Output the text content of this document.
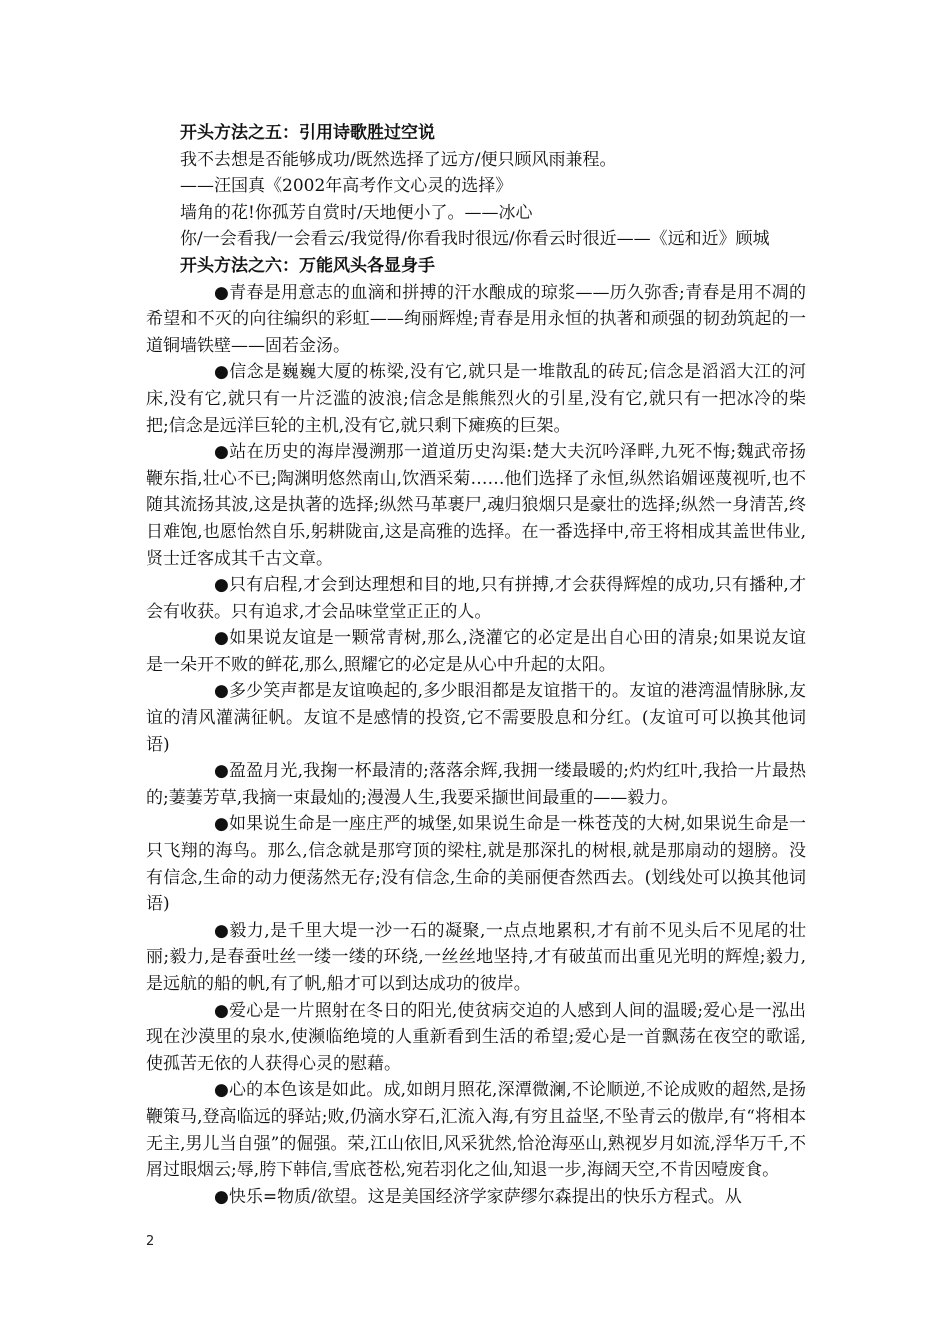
开头方法之五：引用诗歌胜过空说

我不去想是否能够成功/既然选择了远方/便只顾风雨兼程。

——汪国真《2002年高考作文心灵的选择》

墙角的花!你孤芳自赏时/天地便小了。——冰心

你/一会看我/一会看云/我觉得/你看我时很远/你看云时很近——《远和近》顾城

开头方法之六：万能风头各显身手

●青春是用意志的血滴和拼搏的汗水酿成的琼浆——历久弥香;青春是用不凋的希望和不灭的向往编织的彩虹——绚丽辉煌;青春是用永恒的执著和顽强的韧劲筑起的一道铜墙铁壁——固若金汤。

●信念是巍巍大厦的栋梁,没有它,就只是一堆散乱的砖瓦;信念是滔滔大江的河床,没有它,就只有一片泛滥的波浪;信念是熊熊烈火的引星,没有它,就只有一把冰冷的柴把;信念是远洋巨轮的主机,没有它,就只剩下瘫痪的巨架。

●站在历史的海岸漫溯那一道道历史沟渠:楚大夫沉吟泽畔,九死不悔;魏武帝扬鞭东指,壮心不已;陶渊明悠然南山,饮酒采菊……他们选择了永恒,纵然谄媚诬蔑视听,也不随其流扬其波,这是执著的选择;纵然马革裹尸,魂归狼烟只是豪壮的选择;纵然一身清苦,终日难饱,也愿怡然自乐,躬耕陇亩,这是高雅的选择。在一番选择中,帝王将相成其盖世伟业,贤士迁客成其千古文章。

●只有启程,才会到达理想和目的地,只有拼搏,才会获得辉煌的成功,只有播种,才会有收获。只有追求,才会品味堂堂正正的人。

●如果说友谊是一颗常青树,那么,浇灌它的必定是出自心田的清泉;如果说友谊是一朵开不败的鲜花,那么,照耀它的必定是从心中升起的太阳。

●多少笑声都是友谊唤起的,多少眼泪都是友谊揩干的。友谊的港湾温情脉脉,友谊的清风灌满征帆。友谊不是感情的投资,它不需要股息和分红。(友谊可可以换其他词语)

●盈盈月光,我掬一杯最清的;落落余辉,我拥一缕最暖的;灼灼红叶,我拾一片最热的;萋萋芳草,我摘一束最灿的;漫漫人生,我要采撷世间最重的——毅力。

●如果说生命是一座庄严的城堡,如果说生命是一株苍茂的大树,如果说生命是一只飞翔的海鸟。那么,信念就是那穹顶的梁柱,就是那深扎的树根,就是那扇动的翅膀。没有信念,生命的动力便荡然无存;没有信念,生命的美丽便杳然西去。(划线处可以换其他词语)

●毅力,是千里大堤一沙一石的凝聚,一点点地累积,才有前不见头后不见尾的壮丽;毅力,是春蚕吐丝一缕一缕的环绕,一丝丝地坚持,才有破茧而出重见光明的辉煌;毅力,是远航的船的帆,有了帆,船才可以到达成功的彼岸。

●爱心是一片照射在冬日的阳光,使贫病交迫的人感到人间的温暖;爱心是一泓出现在沙漠里的泉水,使濒临绝境的人重新看到生活的希望;爱心是一首飘荡在夜空的歌谣,使孤苦无依的人获得心灵的慰藉。

●心的本色该是如此。成,如朗月照花,深潭微澜,不论顺逆,不论成败的超然,是扬鞭策马,登高临远的驿站;败,仍滴水穿石,汇流入海,有穷且益坚,不坠青云的傲岸,有“将相本无主,男儿当自强”的倔强。荣,江山依旧,风采犹然,恰沧海巫山,熟视岁月如流,浮华万千,不屑过眼烟云;辱,胯下韩信,雪底苍松,宛若羽化之仙,知退一步,海阔天空,不肯因噎废食。

●快乐=物质/欲望。这是美国经济学家萨缪尔森提出的快乐方程式。从

2
